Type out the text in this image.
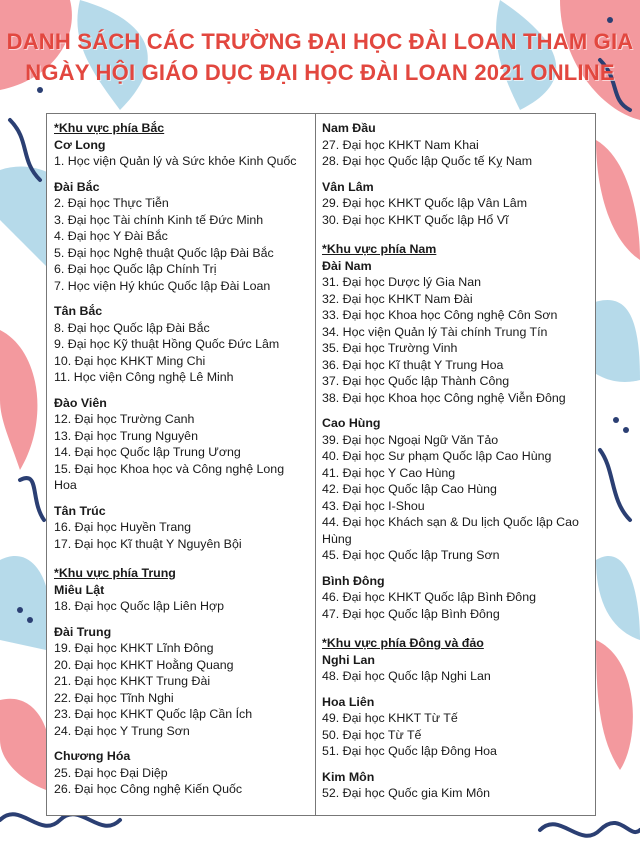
DANH SÁCH CÁC TRƯỜNG ĐẠI HỌC ĐÀI LOAN THAM GIA
NGÀY HỘI GIÁO DỤC ĐẠI HỌC ĐÀI LOAN 2021 ONLINE
*Khu vực phía Bắc
Cơ Long
1. Học viện Quản lý và Sức khỏe Kinh Quốc
Đài Bắc
2. Đại học Thực Tiễn
3. Đại học Tài chính Kinh tế Đức Minh
4. Đại học Y Đài Bắc
5. Đại học Nghệ thuật Quốc lập Đài Bắc
6. Đại học Quốc lập Chính Trị
7. Học viện Hý khúc Quốc lập Đài Loan
Tân Bắc
8. Đại học Quốc lập Đài Bắc
9. Đại học Kỹ thuật Hồng Quốc Đức Lâm
10. Đại học KHKT Ming Chi
11. Học viện Công nghệ Lê Minh
Đào Viên
12. Đại học Trường Canh
13. Đại học Trung Nguyên
14. Đại học Quốc lập Trung Ương
15. Đại học Khoa học và Công nghệ Long Hoa
Tân Trúc
16. Đại học Huyền Trang
17. Đại học Kĩ thuật Y Nguyên Bội
*Khu vực phía Trung
Miêu Lật
18. Đại học Quốc lập Liên Hợp
Đài Trung
19. Đại học KHKT Lĩnh Đông
20. Đại học KHKT Hoằng Quang
21. Đại học KHKT Trung Đài
22. Đại học Tĩnh Nghi
23. Đại học KHKT Quốc lập Cần Ích
24. Đại học Y Trung Sơn
Chương Hóa
25. Đại học Đại Diệp
26. Đại học Công nghệ Kiến Quốc
Nam Đầu
27. Đại học KHKT Nam Khai
28. Đại học Quốc lập Quốc tế Kỵ Nam
Vân Lâm
29. Đại học KHKT Quốc lập Vân Lâm
30. Đại học KHKT Quốc lập Hổ Vĩ
*Khu vực phía Nam
Đài Nam
31. Đại học Dược lý Gia Nan
32. Đại học KHKT Nam Đài
33. Đại học Khoa học Công nghệ Côn Sơn
34. Học viện Quản lý Tài chính Trung Tín
35. Đại học Trường Vinh
36. Đại học Kĩ thuật Y Trung Hoa
37. Đại học Quốc lập Thành Công
38. Đại học Khoa học Công nghệ Viễn Đông
Cao Hùng
39. Đại học Ngoại Ngữ Văn Tảo
40. Đại học Sư phạm Quốc lập Cao Hùng
41. Đại học Y Cao Hùng
42. Đại học Quốc lập Cao Hùng
43. Đại học I-Shou
44. Đại học Khách sạn & Du lịch Quốc lập Cao Hùng
45. Đại học Quốc lập Trung Sơn
Bình Đông
46. Đại học KHKT Quốc lập Bình Đông
47. Đại học Quốc lập Bình Đông
*Khu vực phía Đông và đảo
Nghi Lan
48. Đại học Quốc lập Nghi Lan
Hoa Liên
49. Đại học KHKT Từ Tế
50. Đại học Từ Tế
51. Đại học Quốc lập Đông Hoa
Kim Môn
52. Đại học Quốc gia Kim Môn
